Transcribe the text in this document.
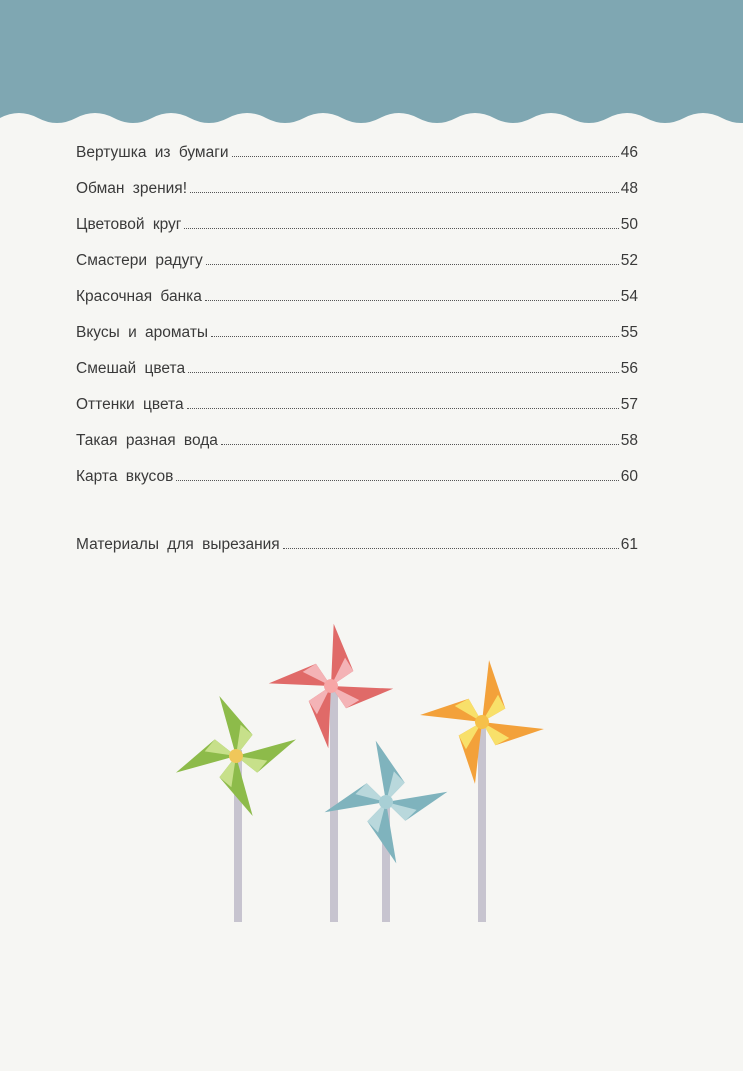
Вертушка из бумаги	46
Обман зрения!	48
Цветовой круг	50
Смастери радугу	52
Красочная банка	54
Вкусы и ароматы	55
Смешай цвета	56
Оттенки цвета	57
Такая разная вода	58
Карта вкусов	60
Материалы для вырезания	61
